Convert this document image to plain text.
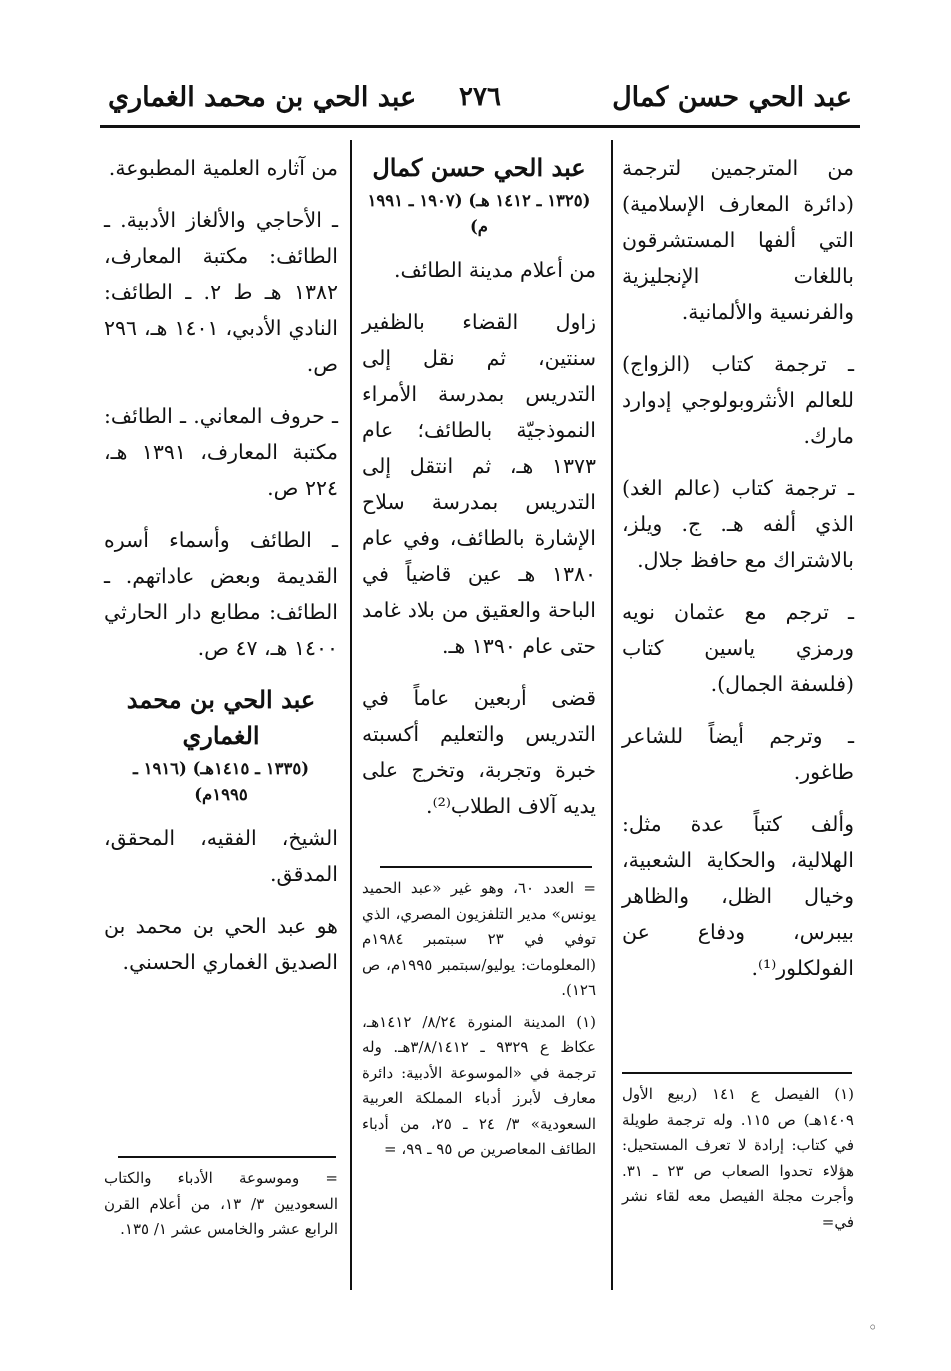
عبد الحي حسن كمال
٢٧٦
عبد الحي بن محمد الغماري

من المترجمين لترجمة (دائرة المعارف الإسلامية) التي ألفها المستشرقون باللغات الإنجليزية والفرنسية والألمانية.

ـ ترجمة كتاب (الزواج) للعالم الأنثروبولوجي إدوارد مارك.

ـ ترجمة كتاب (عالم الغد) الذي ألفه هـ. ج. ويلز، بالاشتراك مع حافظ جلال.

ـ ترجم مع عثمان نويه ورمزي ياسين كتاب (فلسفة الجمال).

ـ وترجم أيضاً للشاعر طاغور.

وألف كتباً عدة مثل: الهلالية، والحكاية الشعبية، وخيال الظل، والظاهر بيبرس، ودفاع عن الفولكلور⁽¹⁾.

(١) الفيصل ع ١٤١ (ربيع الأول ١٤٠٩هـ) ص ١١٥. وله ترجمة طويلة في كتاب: إرادة لا تعرف المستحيل: هؤلاء تحدوا الصعاب ص ٢٣ ـ ٣١. وأجرت مجلة الفيصل معه لقاء نشر في=

عبد الحي حسن كمال
(١٣٢٥ ـ ١٤١٢ هـ) (١٩٠٧ ـ ١٩٩١ م)

من أعلام مدينة الطائف.

زاول القضاء بالظفير سنتين، ثم نقل إلى التدريس بمدرسة الأمراء النموذجيّة بالطائف؛ عام ١٣٧٣ هـ، ثم انتقل إلى التدريس بمدرسة سلاح الإشارة بالطائف، وفي عام ١٣٨٠ هـ عين قاضياً في الباحة والعقيق من بلاد غامد حتى عام ١٣٩٠ هـ.

قضى أربعين عاماً في التدريس والتعليم أكسبته خبرة وتجربة، وتخرج على يديه آلاف الطلاب⁽²⁾.

= العدد ٦٠، وهو غير «عبد الحميد يونس» مدير التلفزيون المصري، الذي توفي في ٢٣ سبتمبر ١٩٨٤م (المعلومات: يوليو/سبتمبر ١٩٩٥م، ص ١٢٦).

(١) المدينة المنورة ٨/٢٤/ ١٤١٢هـ، عكاظ ع ٩٣٢٩ ـ ٣/٨/١٤١٢هـ. وله ترجمة في «الموسوعة الأدبية: دائرة معارف لأبرز أدباء المملكة العربية السعودية» ٣/ ٢٤ ـ ٢٥، من أدباء الطائف المعاصرين ص ٩٥ ـ ٩٩، =

من آثاره العلمية المطبوعة.

ـ الأحاجي والألغاز الأدبية. ـ الطائف: مكتبة المعارف، ١٣٨٢ هـ ط ٢. ـ الطائف: النادي الأدبي، ١٤٠١ هـ، ٢٩٦ ص.

ـ حروف المعاني. ـ الطائف: مكتبة المعارف، ١٣٩١ هـ، ٢٢٤ ص.

ـ الطائف وأسماء أسره القديمة وبعض عاداتهم. ـ الطائف: مطابع دار الحارثي ١٤٠٠ هـ، ٤٧ ص.

عبد الحي بن محمد الغماري
(١٣٣٥ ـ ١٤١٥هـ) (١٩١٦ ـ ١٩٩٥م)

الشيخ، الفقيه، المحقق، المدقق.

هو عبد الحي بن محمد بن الصديق الغماري الحسني.

= وموسوعة الأدباء والكتاب السعوديين ٣/ ١٣، من أعلام القرن الرابع عشر والخامس عشر ١/ ١٣٥.

◦
